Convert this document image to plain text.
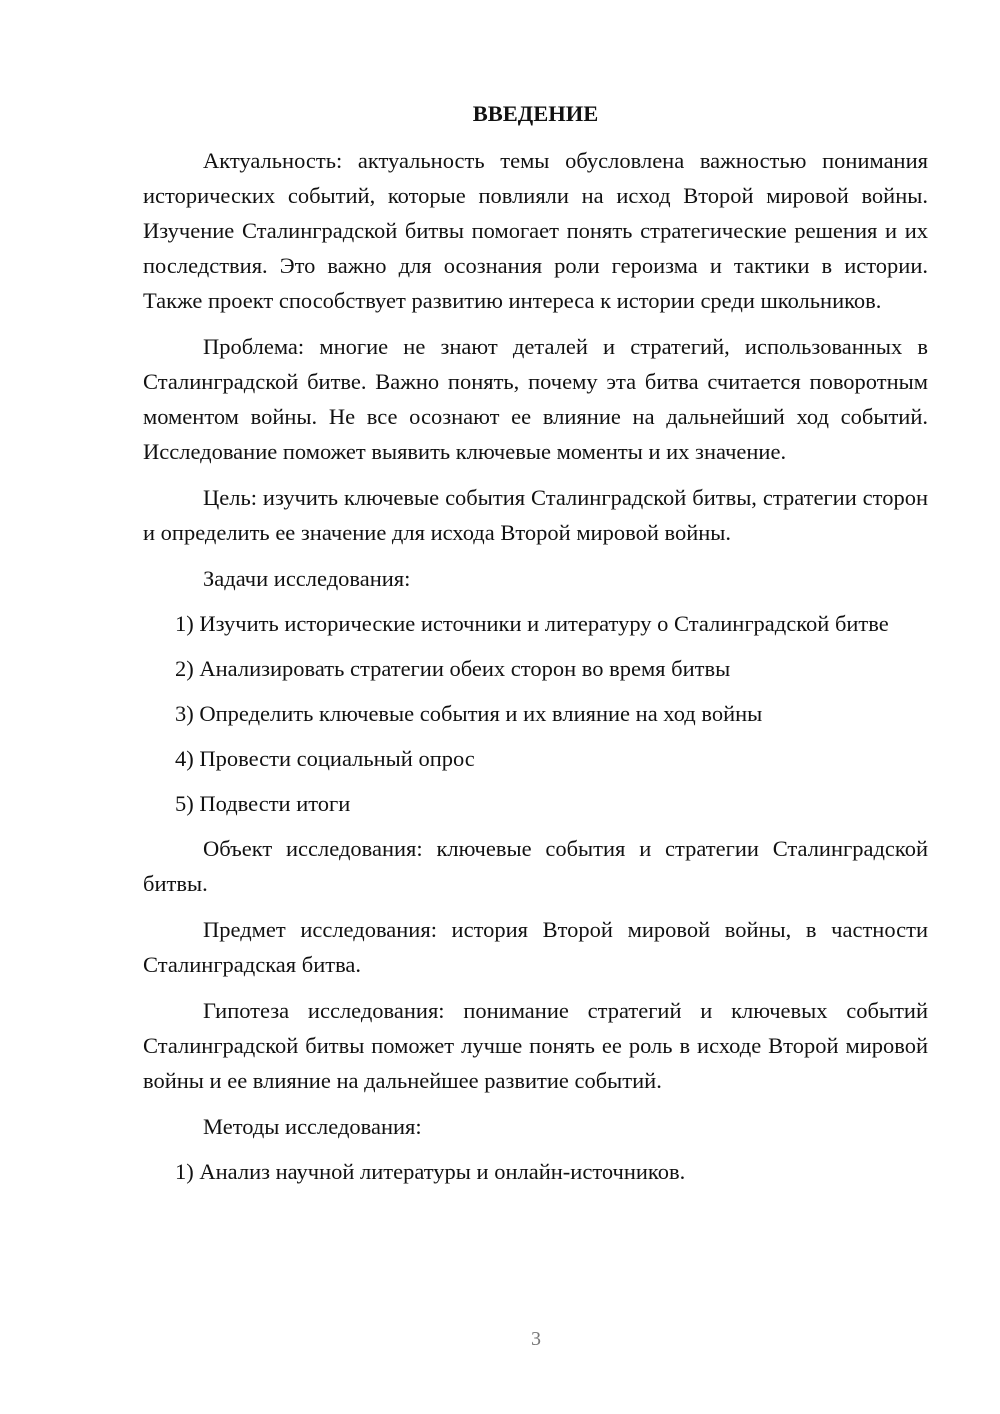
ВВЕДЕНИЕ
Актуальность: актуальность темы обусловлена важностью понимания исторических событий, которые повлияли на исход Второй мировой войны. Изучение Сталинградской битвы помогает понять стратегические решения и их последствия. Это важно для осознания роли героизма и тактики в истории. Также проект способствует развитию интереса к истории среди школьников.
Проблема: многие не знают деталей и стратегий, использованных в Сталинградской битве. Важно понять, почему эта битва считается поворотным моментом войны. Не все осознают ее влияние на дальнейший ход событий. Исследование поможет выявить ключевые моменты и их значение.
Цель: изучить ключевые события Сталинградской битвы, стратегии сторон и определить ее значение для исхода Второй мировой войны.
Задачи исследования:
1) Изучить исторические источники и литературу о Сталинградской битве
2) Анализировать стратегии обеих сторон во время битвы
3) Определить ключевые события и их влияние на ход войны
4) Провести социальный опрос
5) Подвести итоги
Объект исследования: ключевые события и стратегии Сталинградской битвы.
Предмет исследования: история Второй мировой войны, в частности Сталинградская битва.
Гипотеза исследования: понимание стратегий и ключевых событий Сталинградской битвы поможет лучше понять ее роль в исходе Второй мировой войны и ее влияние на дальнейшее развитие событий.
Методы исследования:
1) Анализ научной литературы и онлайн-источников.
3
